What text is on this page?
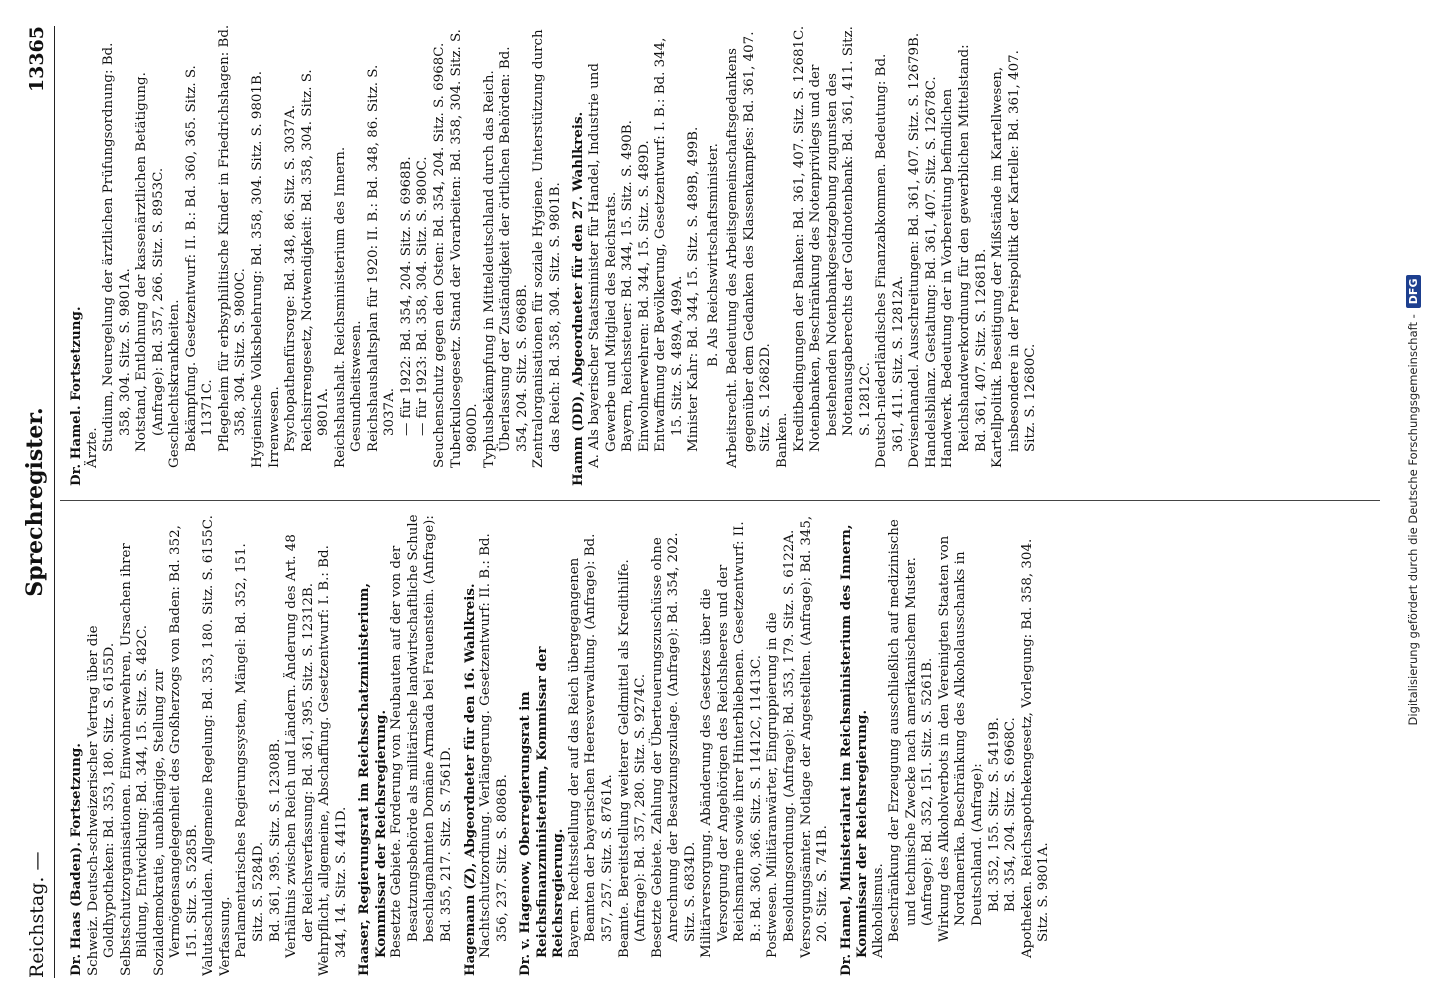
Reichstag. —
Sprechregister.
13365
Dr. Haas (Baden). Fortsetzung. Schweiz. Deutsch-schweizerischer Vertrag über die Goldhypotheken: Bd. 353, 180. Sitz. S. 6155D. Selbstschutzorganisationen. Einwohnerwehren, Ursachen ihrer Bildung, Entwicklung: Bd. 344, 15. Sitz. S. 482C. Sozialdemokratie, unabhängige, Stellung zur Vermögensangelegenheit des Großherzogs von Baden: Bd. 352, 151. Sitz. S. 5285B. Valutaschulden. Allgemeine Regelung: Bd. 353, 180. Sitz. S. 6155C. Verfassung. Parlamentarisches Regierungssystem, Mängel: Bd. 352, 151. Sitz. S. 5284D. Bd. 361, 395. Sitz. S. 12308B. Verhältnis zwischen Reich und Ländern. Änderung des Art. 48 der Reichsverfassung: Bd. 361, 395. Sitz. S. 12312B. Wehrpflicht, allgemeine, Abschaffung. Gesetzentwurf: I. B.: Bd. 344, 14. Sitz. S. 441D. Haaser, Regierungsrat im Reichsschatzministerium, Kommissar der Reichsregierung. Besetzte Gebiete. Forderung von Neubauten auf der von der Besatzungsbehörde als militärische landwirtschaftliche Schule beschlagnahmten Domäne Armada bei Frauenstein. (Anfrage): Bd. 355, 217. Sitz. S. 7561D. Hagemann (Z), Abgeordneter für den 16. Wahlkreis. Nachtschutzordnung. Verlängerung. Gesetzentwurf: II. B.: Bd. 356, 237. Sitz. S. 8086B. Dr. v. Hagenow, Oberregierungsrat im Reichsfinanzministerium, Kommissar der Reichsregierung. Bayern. Rechtsstellung der auf das Reich übergegangenen Beamten der bayerischen Heeresverwaltung. (Anfrage): Bd. 357, 257. Sitz. S. 8761A. Beamte. Bereitstellung weiterer Geldmittel als Kredithilfe. (Anfrage): Bd. 357, 280. Sitz. S. 9274C. Besetzte Gebiete. Zahlung der Überteuerungszuschüsse ohne Anrechnung der Besatzungszulage. (Anfrage): Bd. 354, 202. Sitz. S. 6834D. Militärversorgung. Abänderung des Gesetzes über die Versorgung der Angehörigen des Reichsheeres und der Reichsmarine sowie ihrer Hinterbliebenen. Gesetzentwurf: II. B.: Bd. 360, 366. Sitz. S. 11412C, 11413C. Postwesen. Militäranwärter, Eingruppierung in die Besoldungsordnung. (Anfrage): Bd. 353, 179. Sitz. S. 6122A. Versorgungsämter. Notlage der Angestellten. (Anfrage): Bd. 345, 20. Sitz. S. 741B. Dr. Hamel, Ministerialrat im Reichsministerium des Innern, Kommissar der Reichsregierung. Alkoholismus. Beschränkung der Erzeugung ausschließlich auf medizinische und technische Zwecke nach amerikanischem Muster. (Anfrage): Bd. 352, 151. Sitz. S. 5261B. Wirkung des Alkoholverbots in den Vereinigten Staaten von Nordamerika. Beschränkung des Alkoholausschanks in Deutschland. (Anfrage): Bd. 352, 155. Sitz. S. 5419B. Bd. 354, 204. Sitz. S. 6968C. Apotheken. Reichsapothekengesetz, Vorlegung: Bd. 358, 304. Sitz. S. 9801A.
Dr. Hamel. Fortsetzung. Ärzte. Studium, Neuregelung der ärztlichen Prüfungsordnung: Bd. 358, 304. Sitz. S. 9801A. Notstand, Entlohnung der kassenärztlichen Betätigung. (Anfrage): Bd. 357, 266. Sitz. S. 8953C. Geschlechtskrankheiten. Bekämpfung. Gesetzentwurf: II. B.: Bd. 360, 365. Sitz. S. 11371C. Pflegeheim für erbsyphilitische Kinder in Friedrichshagen: Bd. 358, 304. Sitz. S. 9800C. Hygienische Volksbelehrung: Bd. 358, 304. Sitz. S. 9801B. Irrenwesen. Psychopathenfürsorge: Bd. 348, 86. Sitz. S. 3037A. Reichsirrengesetz, Notwendigkeit: Bd. 358, 304. Sitz. S. 9801A. Reichshaushalt. Reichsministerium des Innern. Gesundheitswesen. Reichshaushaltsplan für 1920: II. B.: Bd. 348, 86. Sitz. S. 3037A. — für 1922: Bd. 354, 204. Sitz. S. 6968B. — für 1923: Bd. 358, 304. Sitz. S. 9800C. Seuchenschutz gegen den Osten: Bd. 354, 204. Sitz. S. 6968C. Tuberkulosegesetz. Stand der Vorarbeiten: Bd. 358, 304. Sitz. S. 9800D. Typhusbekämpfung in Mitteldeutschland durch das Reich. Überlassung der Zuständigkeit der örtlichen Behörden: Bd. 354, 204. Sitz. S. 6968B. Zentralorganisationen für soziale Hygiene. Unterstützung durch das Reich: Bd. 358, 304. Sitz. S. 9801B. Hamm (DD), Abgeordneter für den 27. Wahlkreis. A. Als bayerischer Staatsminister für Handel, Industrie und Gewerbe und Mitglied des Reichsrats. Bayern, Reichssteuer: Bd. 344, 15. Sitz. S. 490B. Einwohnerwehren: Bd. 344, 15. Sitz. S. 489D. Entwaffnung der Bevölkerung, Gesetzentwurf: I. B.: Bd. 344, 15. Sitz. S. 489A, 499A. Minister Kahr: Bd. 344, 15. Sitz. S. 489B, 499B. B. Als Reichswirtschaftsminister. Arbeitsrecht. Bedeutung des Arbeitsgemeinschaftsgedankens gegenüber dem Gedanken des Klassenkampfes: Bd. 361, 407. Sitz. S. 12682D. Banken. Kreditbedingungen der Banken: Bd. 361, 407. Sitz. S. 12681C. Notenbanken, Beschränkung des Notenprivilegs und der bestehenden Notenbankgesetzgebung zugunsten des Notenausgaberechts der Goldnotenbank: Bd. 361, 411. Sitz. S. 12812C. Deutsch-niederländisches Finanzabkommen. Bedeutung: Bd. 361, 411. Sitz. S. 12812A. Devisenhandel. Ausschreitungen: Bd. 361, 407. Sitz. S. 12679B. Handelsbilanz. Gestaltung: Bd. 361, 407. Sitz. S. 12678C. Handwerk. Bedeutung der in Vorbereitung befindlichen Reichshandwerkordnung für den gewerblichen Mittelstand: Bd. 361, 407. Sitz. S. 12681B. Kartellpolitik. Beseitigung der Mißstände im Kartellwesen, insbesondere in der Preispolitik der Kartelle: Bd. 361, 407. Sitz. S. 12680C.	Digitalisierung gefördert durch die Deutsche Forschungsgemeinschaft -
DFG
